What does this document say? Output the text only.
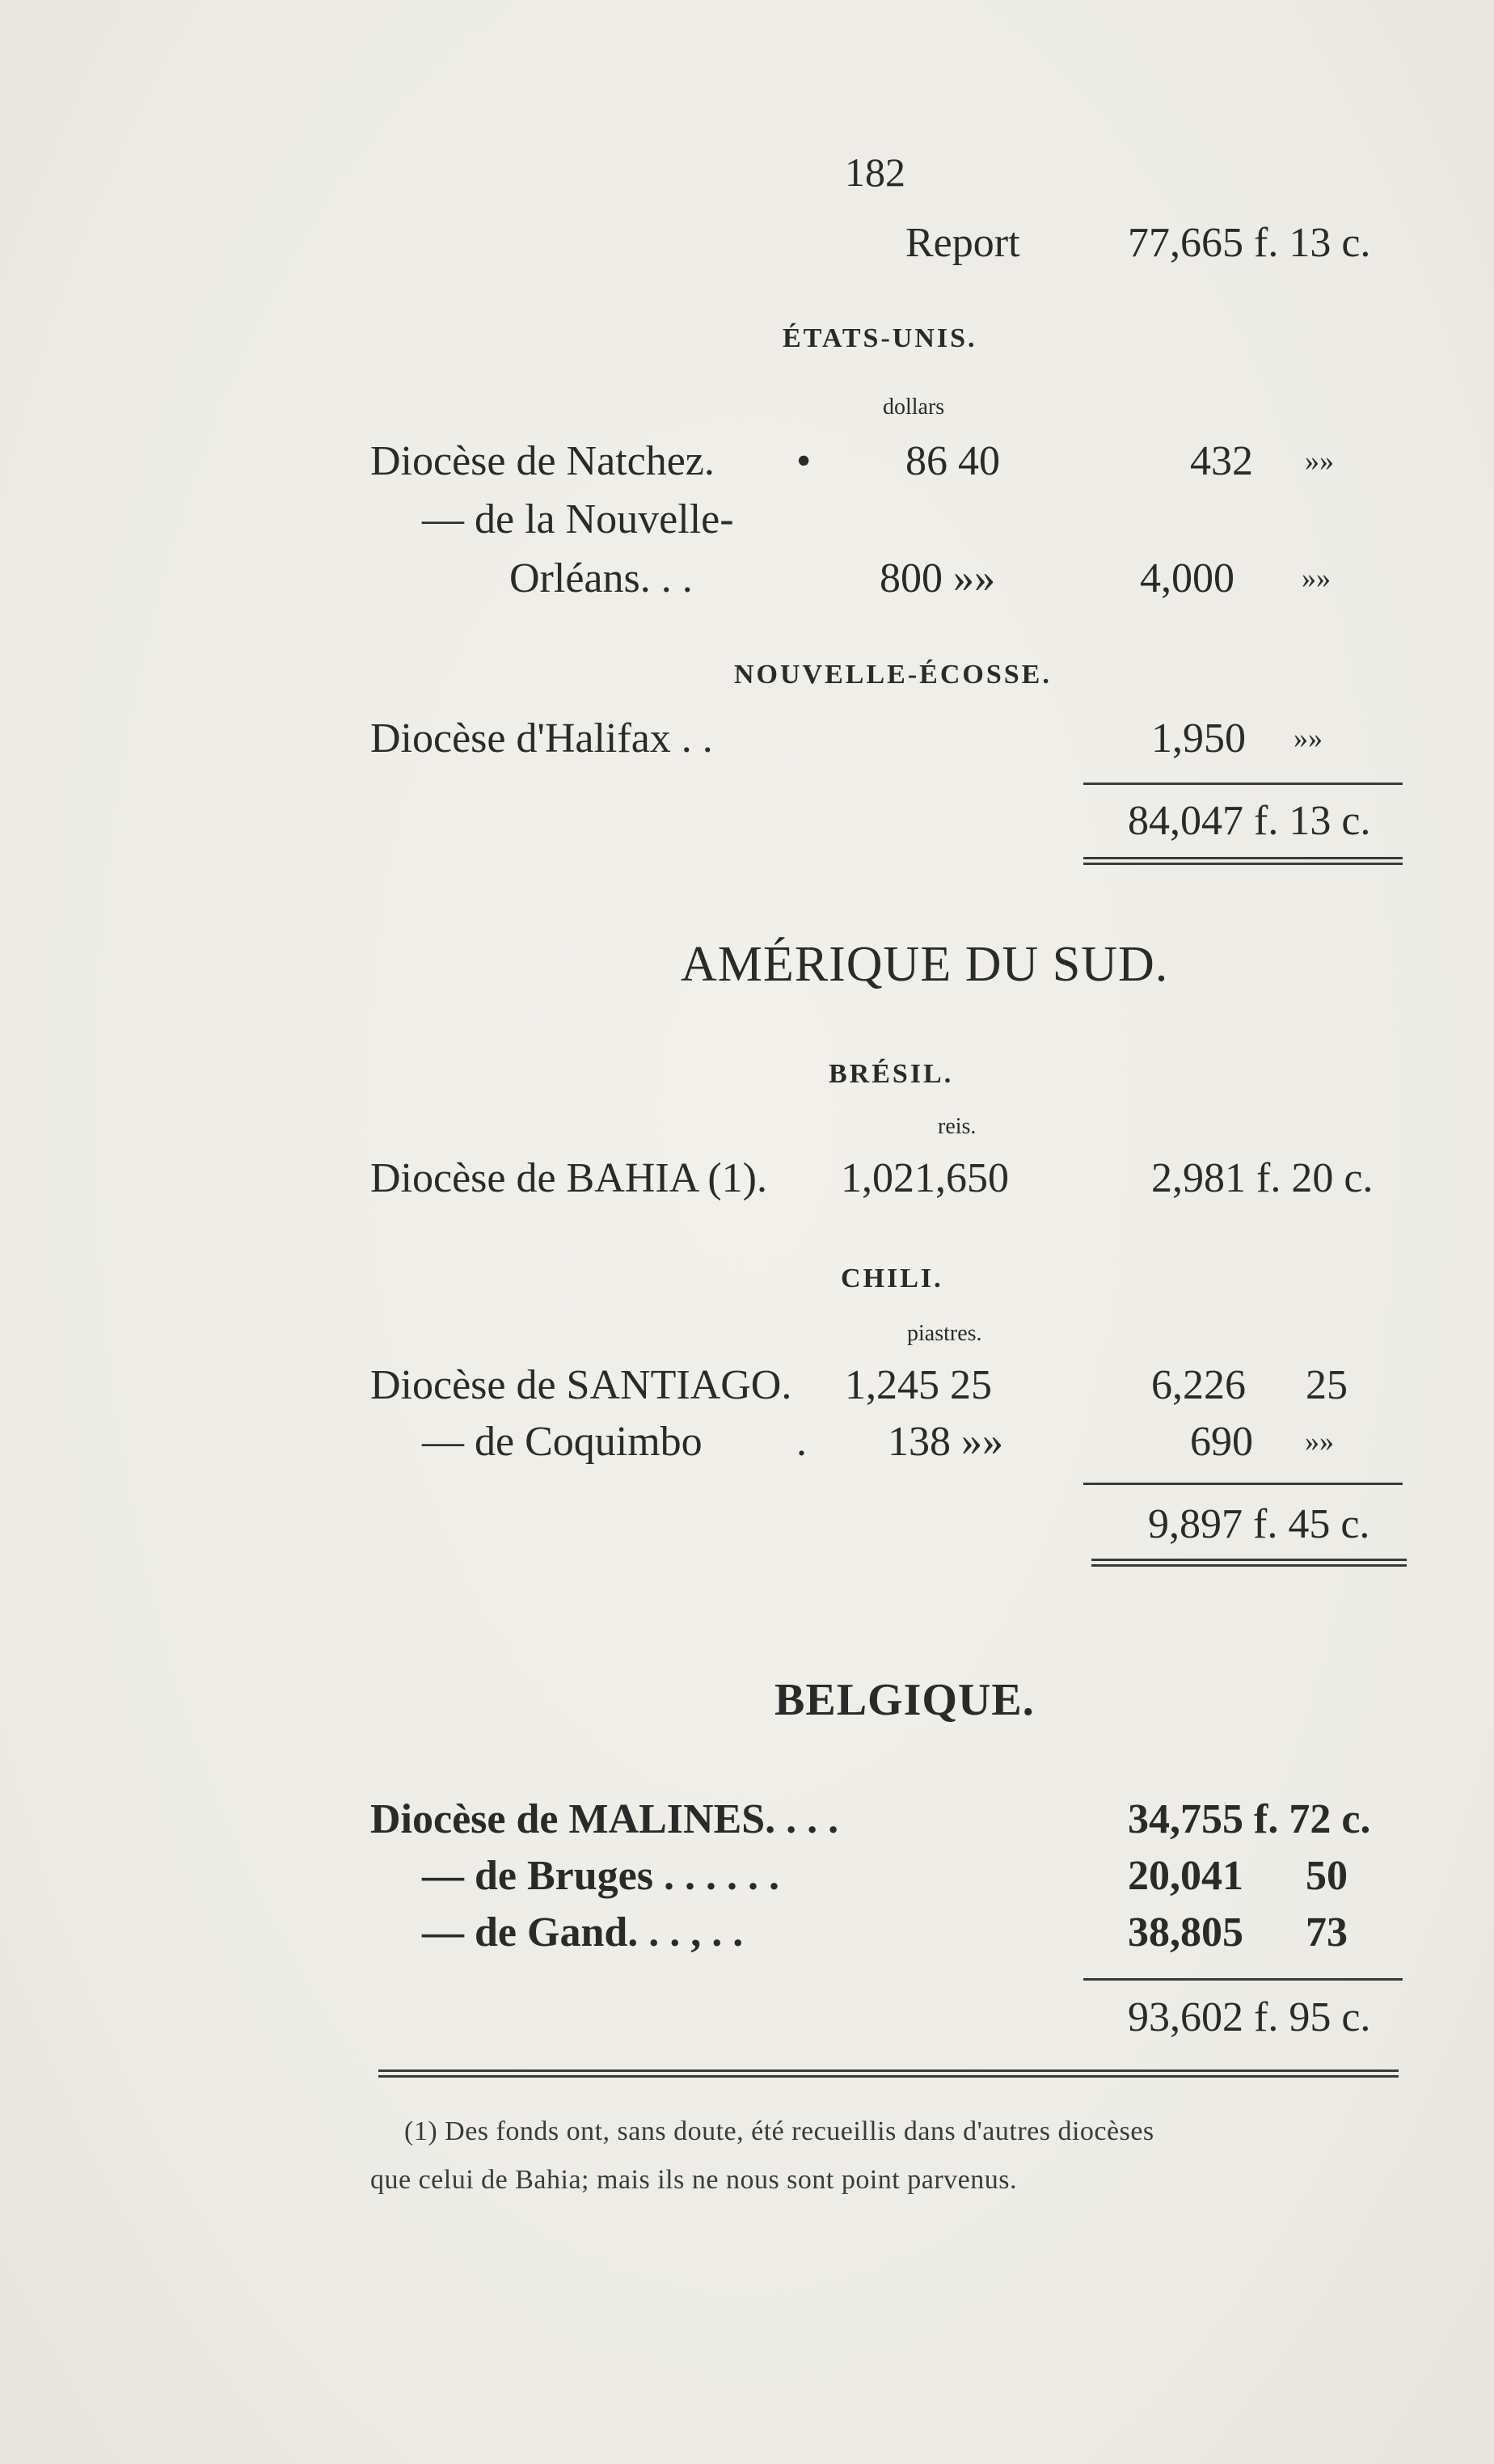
182
Report	77,665 f. 13 c.
ÉTATS-UNIS.
dollars
Diocèse de Natchez. • 86 40	432 »»
— de la Nouvelle-
Orléans. . .	800 »»	4,000 »»
NOUVELLE-ÉCOSSE.
Diocèse d'Halifax . .	1,950 »»
84,047 f. 13 c.
AMÉRIQUE DU SUD.
BRÉSIL.
reis.
Diocèse de BAHIA (1). 1,021,650	2,981 f. 20 c.
CHILI.
piastres.
Diocèse de SANTIAGO. 1,245 25	6,226 25
— de Coquimbo . 138 »»	690 »»
9,897 f. 45 c.
BELGIQUE.
Diocèse de MALINES. . . .	34,755 f. 72 c.
— de Bruges . . . . . .	20,041 50
— de Gand. . . , . .	38,805 73
93,602 f. 95 c.
(1) Des fonds ont, sans doute, été recueillis dans d'autres diocèses
que celui de Bahia; mais ils ne nous sont point parvenus.
